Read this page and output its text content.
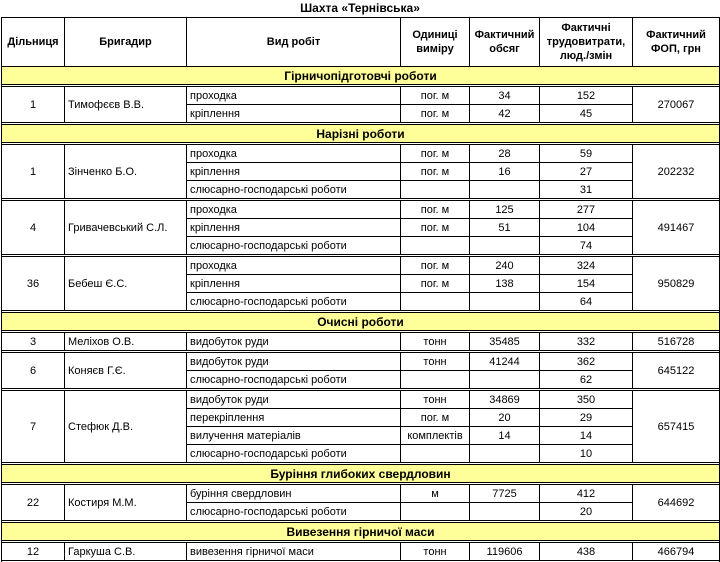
Шахта «Тернівська»
Дільниця	Бригадир	Вид робіт	Одиниці виміру	Фактичний обсяг	Фактичні трудовитрати, люд./змін	Фактичний ФОП, грн
Гірничопідготовчі роботи						

1	Тимофєєв В.В.	проходка	пог. м	34	152	270067
		кріплення	пог. м	42	45	

Нарізні роботи						

1	Зінченко Б.О.	проходка	пог. м	28	59	202232
		кріплення	пог. м	16	27	
		слюсарно-господарські роботи			31	

4	Гривачевський С.Л.	проходка	пог. м	125	277	491467
		кріплення	пог. м	51	104	
		слюсарно-господарські роботи			74	

36	Бебеш Є.С.	проходка	пог. м	240	324	950829
		кріплення	пог. м	138	154	
		слюсарно-господарські роботи			64	

Очисні роботи						

3	Меліхов О.В.	видобуток руди	тонн	35485	332	516728

6	Коняєв Г.Є.	видобуток руди	тонн	41244	362	645122
		слюсарно-господарські роботи			62	

7	Стефюк Д.В.	видобуток руди	тонн	34869	350	657415
		перекріплення	пог. м	20	29	
		вилучення матеріалів	комплектів	14	14	
		слюсарно-господарські роботи			10	

Буріння глибоких свердловин						

22	Костиря М.М.	буріння свердловин	м	7725	412	644692
		слюсарно-господарські роботи			20	

Вивезення гірничої маси						

12	Гаркуша С.В.	вивезення гірничої маси	тонн	119606	438	466794
